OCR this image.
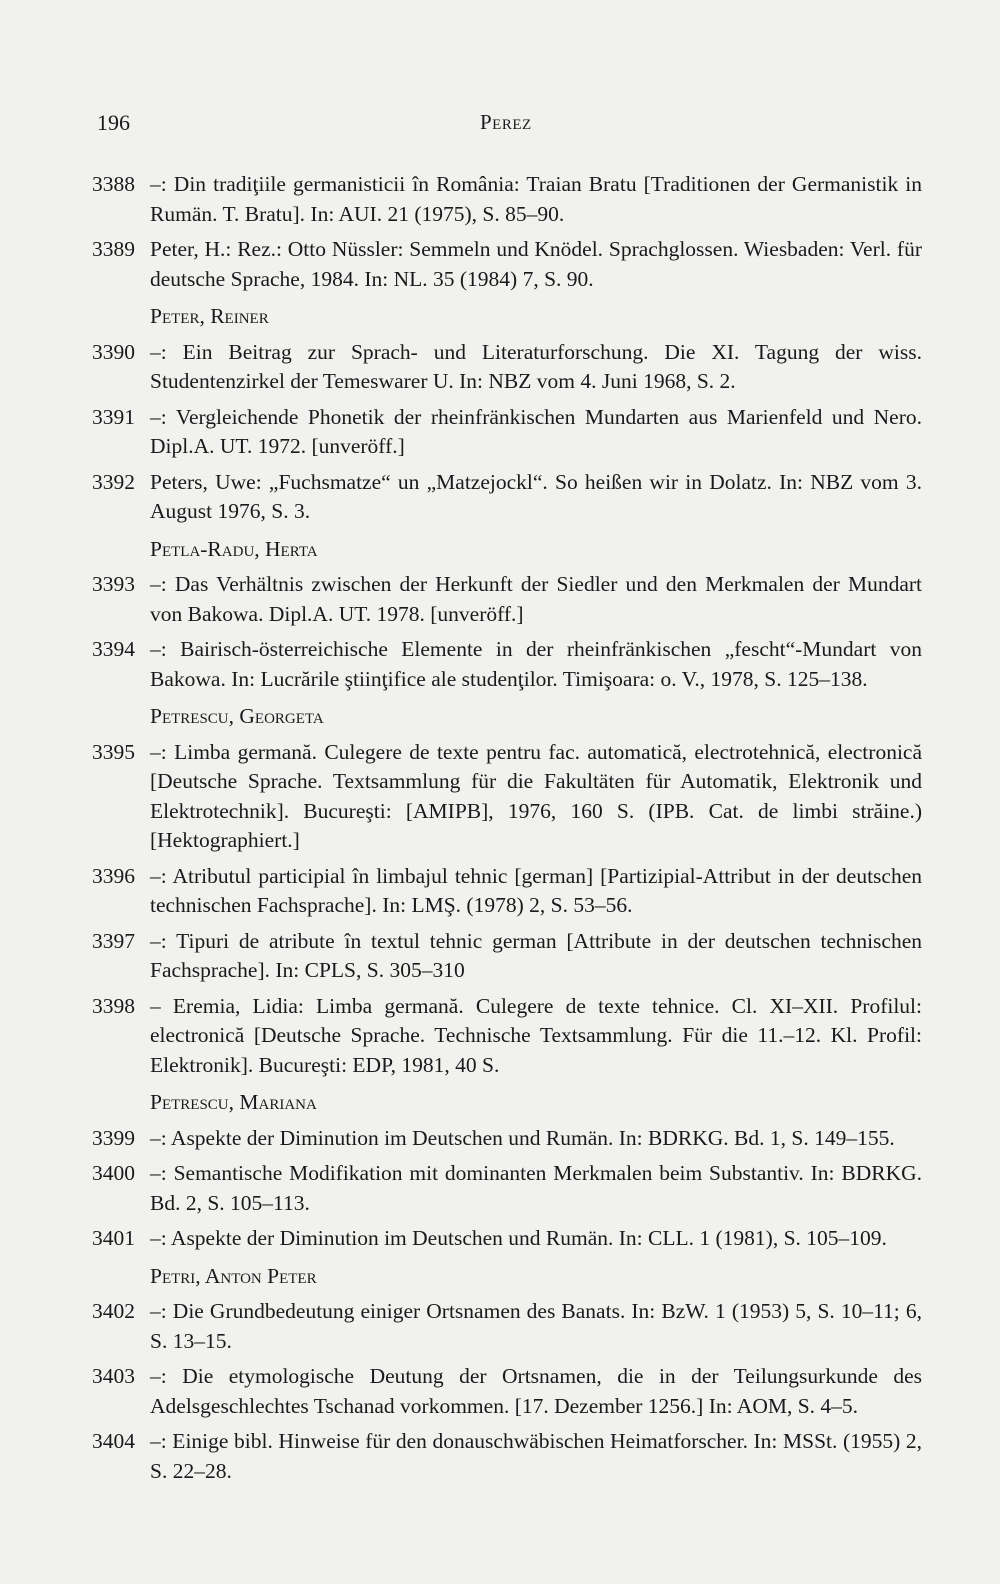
196	Perez
3388 –: Din tradiţiile germanisticii în România: Traian Bratu [Traditionen der Germanistik in Rumän. T. Bratu]. In: AUI. 21 (1975), S. 85–90.
3389 Peter, H.: Rez.: Otto Nüssler: Semmeln und Knödel. Sprachglossen. Wiesbaden: Verl. für deutsche Sprache, 1984. In: NL. 35 (1984) 7, S. 90.
Peter, Reiner
3390 –: Ein Beitrag zur Sprach- und Literaturforschung. Die XI. Tagung der wiss. Studentenzirkel der Temeswarer U. In: NBZ vom 4. Juni 1968, S. 2.
3391 –: Vergleichende Phonetik der rheinfränkischen Mundarten aus Marienfeld und Nero. Dipl.A. UT. 1972. [unveröff.]
3392 Peters, Uwe: „Fuchsmatze“ un „Matzejockl“. So heißen wir in Dolatz. In: NBZ vom 3. August 1976, S. 3.
Petla-Radu, Herta
3393 –: Das Verhältnis zwischen der Herkunft der Siedler und den Merkmalen der Mundart von Bakowa. Dipl.A. UT. 1978. [unveröff.]
3394 –: Bairisch-österreichische Elemente in der rheinfränkischen „fescht“-Mundart von Bakowa. In: Lucrările ştiinţifice ale studenţilor. Timişoara: o. V., 1978, S. 125–138.
Petrescu, Georgeta
3395 –: Limba germană. Culegere de texte pentru fac. automatică, electrotehnică, electronică [Deutsche Sprache. Textsammlung für die Fakultäten für Automatik, Elektronik und Elektrotechnik]. Bucureşti: [AMIPB], 1976, 160 S. (IPB. Cat. de limbi străine.) [Hektographiert.]
3396 –: Atributul participial în limbajul tehnic [german] [Partizipial-Attribut in der deutschen technischen Fachsprache]. In: LMŞ. (1978) 2, S. 53–56.
3397 –: Tipuri de atribute în textul tehnic german [Attribute in der deutschen technischen Fachsprache]. In: CPLS, S. 305–310
3398 – Eremia, Lidia: Limba germană. Culegere de texte tehnice. Cl. XI–XII. Profilul: electronică [Deutsche Sprache. Technische Textsammlung. Für die 11.–12. Kl. Profil: Elektronik]. Bucureşti: EDP, 1981, 40 S.
Petrescu, Mariana
3399 –: Aspekte der Diminution im Deutschen und Rumän. In: BDRKG. Bd. 1, S. 149–155.
3400 –: Semantische Modifikation mit dominanten Merkmalen beim Substantiv. In: BDRKG. Bd. 2, S. 105–113.
3401 –: Aspekte der Diminution im Deutschen und Rumän. In: CLL. 1 (1981), S. 105–109.
Petri, Anton Peter
3402 –: Die Grundbedeutung einiger Ortsnamen des Banats. In: BzW. 1 (1953) 5, S. 10–11; 6, S. 13–15.
3403 –: Die etymologische Deutung der Ortsnamen, die in der Teilungsurkunde des Adelsgeschlechtes Tschanad vorkommen. [17. Dezember 1256.] In: AOM, S. 4–5.
3404 –: Einige bibl. Hinweise für den donauschwäbischen Heimatforscher. In: MSSt. (1955) 2, S. 22–28.
